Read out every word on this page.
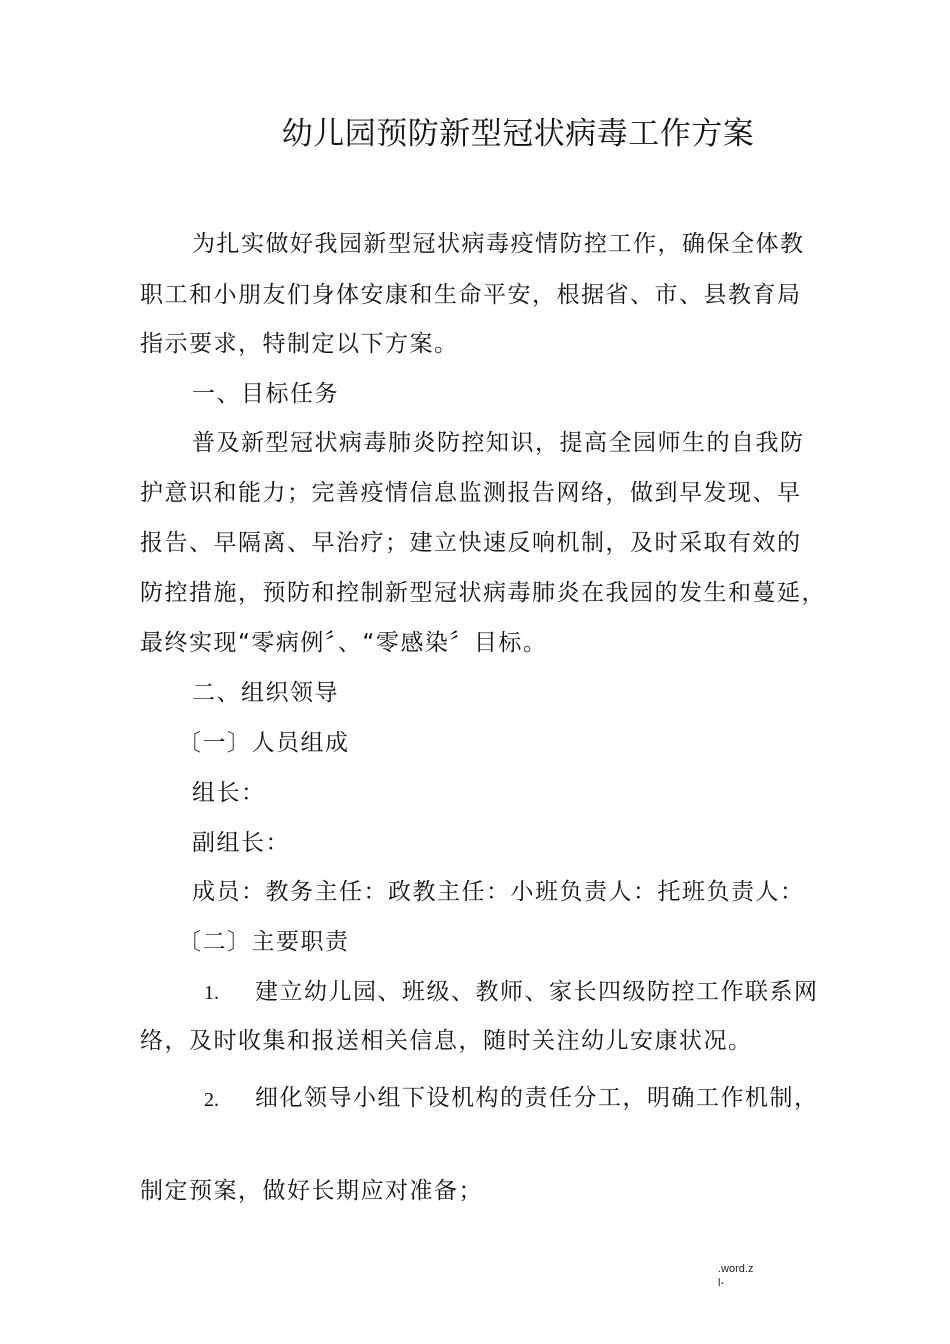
幼儿园预防新型冠状病毒工作方案
为扎实做好我园新型冠状病毒疫情防控工作，确保全体教
职工和小朋友们身体安康和生命平安，根据省、市、县教育局
指示要求，特制定以下方案。
一、目标任务
普及新型冠状病毒肺炎防控知识，提高全园师生的自我防
护意识和能力；完善疫情信息监测报告网络，做到早发现、早
报告、早隔离、早治疗；建立快速反响机制，及时采取有效的
防控措施，预防和控制新型冠状病毒肺炎在我园的发生和蔓延，
最终实现“零病例〞、“零感染〞目标。
二、组织领导
〔一〕人员组成
组长：
副组长：
成员：教务主任：政教主任：小班负责人：托班负责人：
〔二〕主要职责
1. 建立幼儿园、班级、教师、家长四级防控工作联系网
络，及时收集和报送相关信息，随时关注幼儿安康状况。
2. 细化领导小组下设机构的责任分工，明确工作机制，
制定预案，做好长期应对准备；
.word.z
l-
